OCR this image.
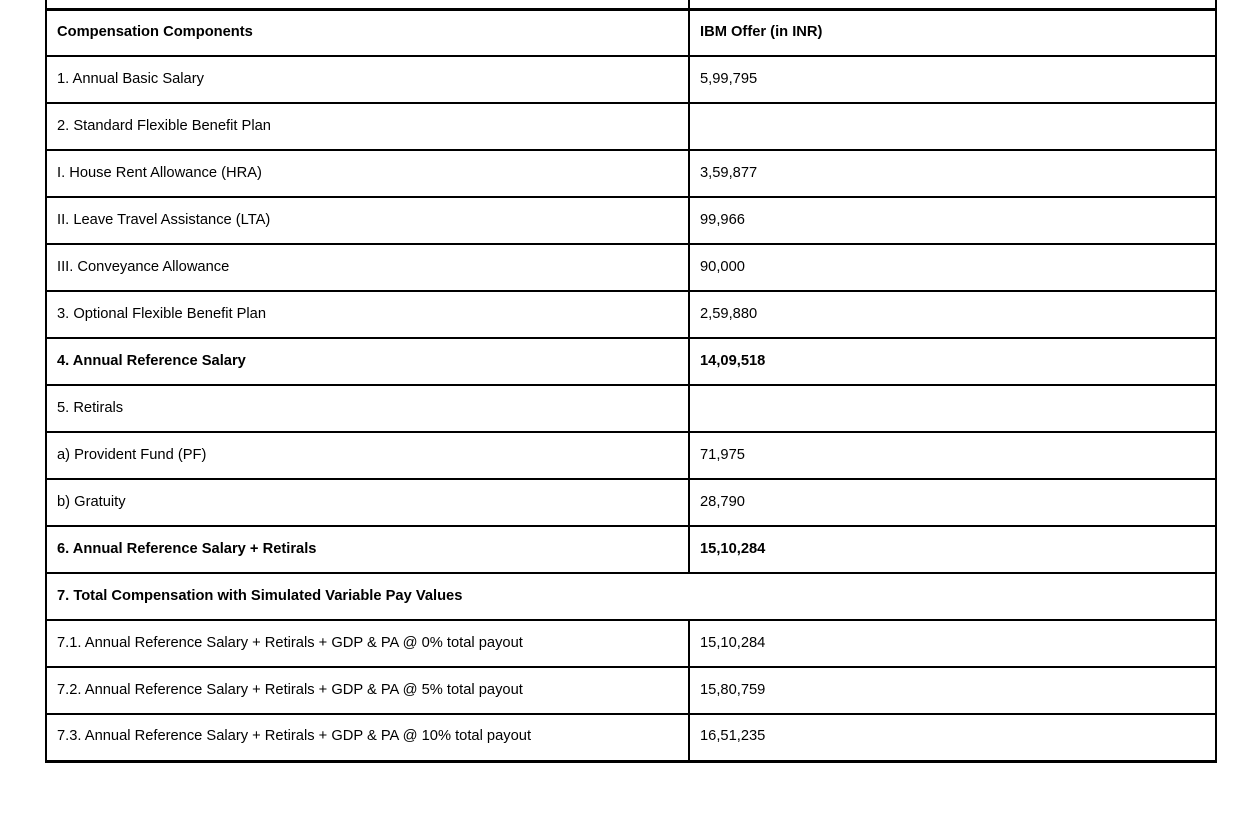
Compensation Components	IBM Offer (in INR)
1. Annual Basic Salary	5,99,795
2. Standard Flexible Benefit Plan	
I. House Rent Allowance (HRA)	3,59,877
II. Leave Travel Assistance (LTA)	99,966
III. Conveyance Allowance	90,000
3. Optional Flexible Benefit Plan	2,59,880
4. Annual Reference Salary	14,09,518
5. Retirals	
a) Provident Fund (PF)	71,975
b) Gratuity	28,790
6. Annual Reference Salary + Retirals	15,10,284
7. Total Compensation with Simulated Variable Pay Values	
7.1. Annual Reference Salary + Retirals + GDP & PA @ 0% total payout	15,10,284
7.2. Annual Reference Salary + Retirals + GDP & PA @ 5% total payout	15,80,759
7.3. Annual Reference Salary + Retirals + GDP & PA @ 10% total payout	16,51,235
